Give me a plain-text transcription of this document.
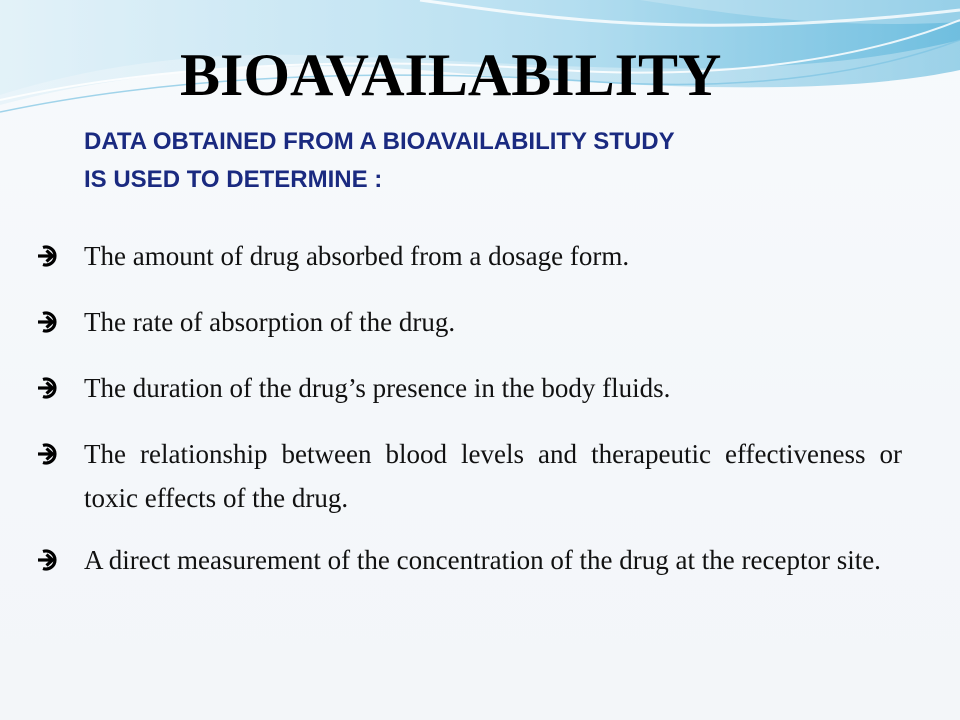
BIOAVAILABILITY
DATA OBTAINED FROM A BIOAVAILABILITY STUDY
IS USED TO DETERMINE :
The amount of drug absorbed from a dosage form.
The rate of absorption of the drug.
The duration of the drug’s presence in the body fluids.
The relationship between blood levels and therapeutic effectiveness or toxic effects of the drug.
A direct measurement of the concentration of the drug at the receptor site.
